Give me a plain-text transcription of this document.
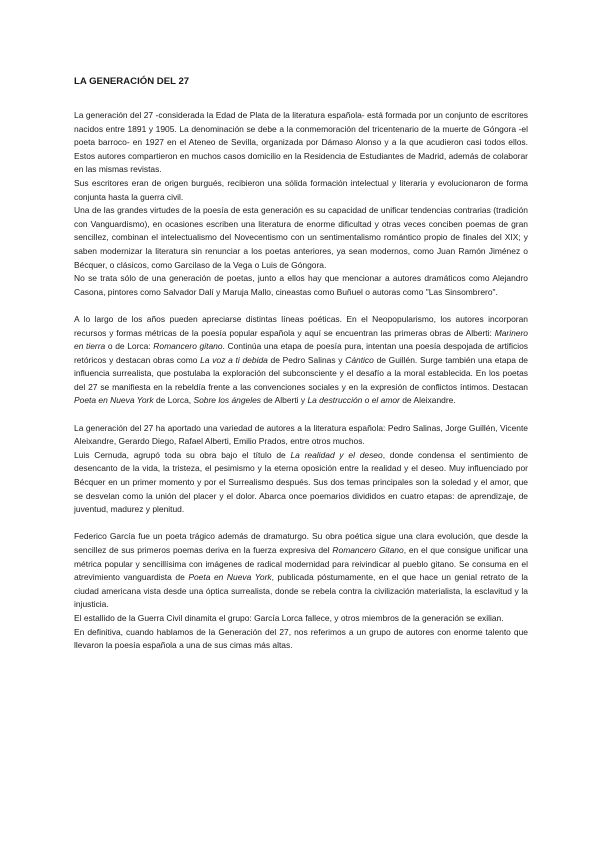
LA GENERACIÓN DEL 27

La generación del 27 -considerada la Edad de Plata de la literatura española- está formada por un conjunto de escritores nacidos entre 1891 y 1905. La denominación se debe a la conmemoración del tricentenario de la muerte de Góngora -el poeta barroco- en 1927 en el Ateneo de Sevilla, organizada por Dámaso Alonso y a la que acudieron casi todos ellos. Estos autores compartieron en muchos casos domicilio en la Residencia de Estudiantes de Madrid, además de colaborar en las mismas revistas.

Sus escritores eran de origen burgués, recibieron una sólida formación intelectual y literaria y evolucionaron de forma conjunta hasta la guerra civil.

Una de las grandes virtudes de la poesía de esta generación es su capacidad de unificar tendencias contrarias (tradición con Vanguardismo), en ocasiones escriben una literatura de enorme dificultad y otras veces conciben poemas de gran sencillez, combinan el intelectualismo del Novecentismo con un sentimentalismo romántico propio de finales del XIX; y saben modernizar la literatura sin renunciar a los poetas anteriores, ya sean modernos, como Juan Ramón Jiménez o Bécquer, o clásicos, como Garcilaso de la Vega o Luis de Góngora.

No se trata sólo de una generación de poetas, junto a ellos hay que mencionar a autores dramáticos como Alejandro Casona, pintores como Salvador Dalí y Maruja Mallo, cineastas como Buñuel o autoras como "Las Sinsombrero".

A lo largo de los años pueden apreciarse distintas líneas poéticas. En el Neopopularismo, los autores incorporan recursos y formas métricas de la poesía popular española y aquí se encuentran las primeras obras de Alberti: Marinero en tierra o de Lorca: Romancero gitano. Continúa una etapa de poesía pura, intentan una poesía despojada de artificios retóricos y destacan obras como La voz a ti debida de Pedro Salinas y Cántico de Guillén. Surge también una etapa de influencia surrealista, que postulaba la exploración del subconsciente y el desafío a la moral establecida. En los poetas del 27 se manifiesta en la rebeldía frente a las convenciones sociales y en la expresión de conflictos íntimos. Destacan Poeta en Nueva York de Lorca, Sobre los ángeles de Alberti y La destrucción o el amor de Aleixandre.

La generación del 27 ha aportado una variedad de autores a la literatura española: Pedro Salinas, Jorge Guillén, Vicente Aleixandre, Gerardo Diego, Rafael Alberti, Emilio Prados, entre otros muchos.

Luis Cernuda, agrupó toda su obra bajo el título de La realidad y el deseo, donde condensa el sentimiento de desencanto de la vida, la tristeza, el pesimismo y la eterna oposición entre la realidad y el deseo. Muy influenciado por Bécquer en un primer momento y por el Surrealismo después. Sus dos temas principales son la soledad y el amor, que se desvelan como la unión del placer y el dolor. Abarca once poemarios divididos en cuatro etapas: de aprendizaje, de juventud, madurez y plenitud.

Federico García fue un poeta trágico además de dramaturgo. Su obra poética sigue una clara evolución, que desde la sencillez de sus primeros poemas deriva en la fuerza expresiva del Romancero Gitano, en el que consigue unificar una métrica popular y sencillísima con imágenes de radical modernidad para reivindicar al pueblo gitano. Se consuma en el atrevimiento vanguardista de Poeta en Nueva York, publicada póstumamente, en el que hace un genial retrato de la ciudad americana vista desde una óptica surrealista, donde se rebela contra la civilización materialista, la esclavitud y la injusticia.

El estallido de la Guerra Civil dinamita el grupo: García Lorca fallece, y otros miembros de la generación se exilian.

En definitiva, cuando hablamos de la Generación del 27, nos referimos a un grupo de autores con enorme talento que llevaron la poesía española a una de sus cimas más altas.
